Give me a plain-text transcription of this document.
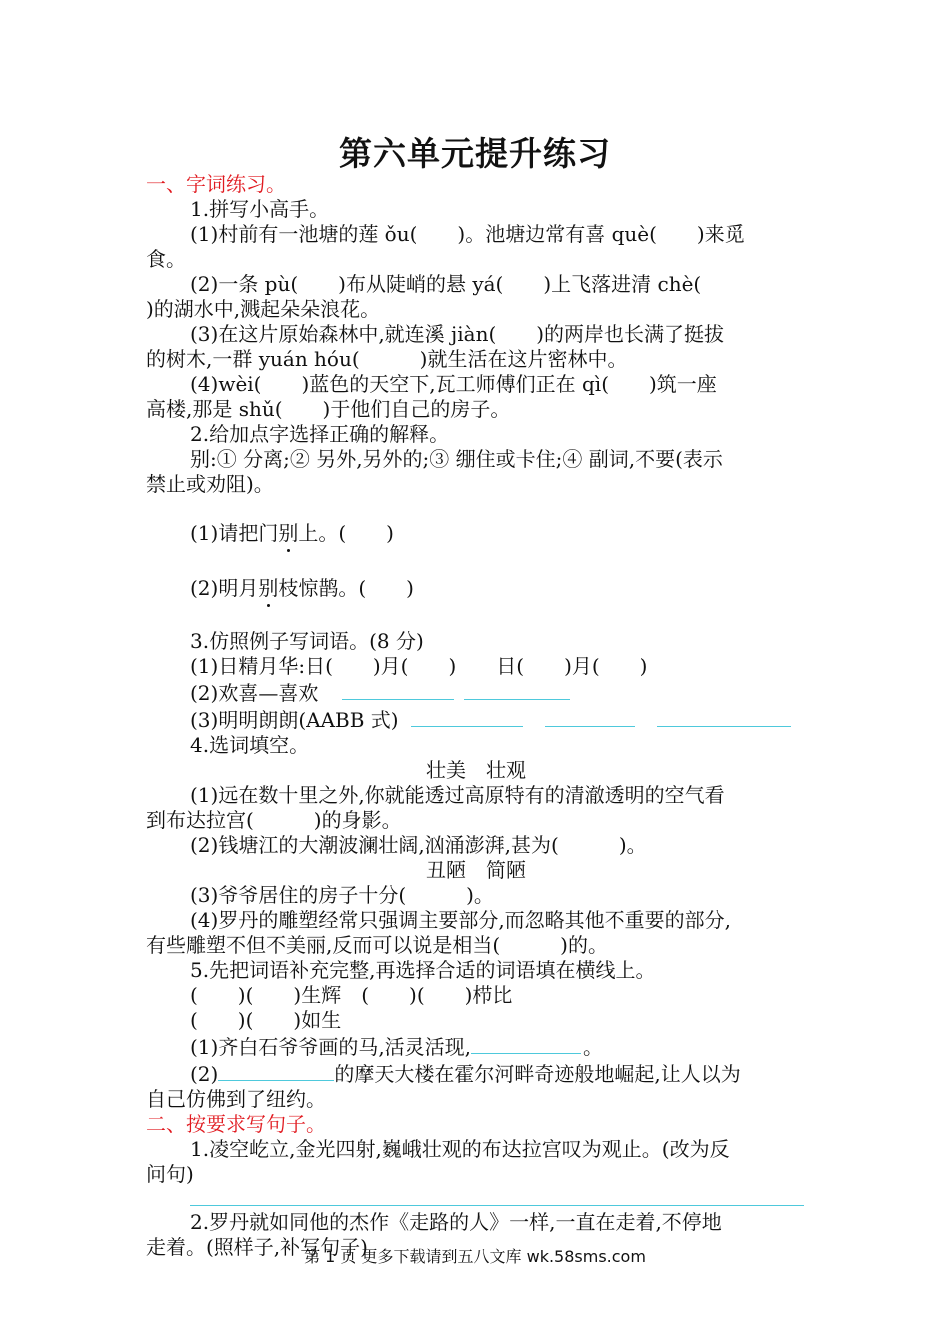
第六单元提升练习

一、字词练习。

1.拼写小高手。

(1)村前有一池塘的莲 ǒu(　　)。池塘边常有喜 què(　　)来觅

食。

(2)一条 pù(　　)布从陡峭的悬 yá(　　)上飞落进清 chè(

)的湖水中,溅起朵朵浪花。

(3)在这片原始森林中,就连溪 jiàn(　　)的两岸也长满了挺拔

的树木,一群 yuán hóu(　　　)就生活在这片密林中。

(4)wèi(　　)蓝色的天空下,瓦工师傅们正在 qì(　　)筑一座

高楼,那是 shǔ(　　)于他们自己的房子。

2.给加点字选择正确的解释。

别:① 分离;② 另外,另外的;③ 绷住或卡住;④ 副词,不要(表示

禁止或劝阻)。

(1)请把门别上。(　　)

(2)明月别枝惊鹊。(　　)

3.仿照例子写词语。(8 分)

(1)日精月华:日(　　)月(　　)　　日(　　)月(　　)

(2)欢喜—喜欢

(3)明明朗朗(AABB 式)

4.选词填空。

壮美　壮观

(1)远在数十里之外,你就能透过高原特有的清澈透明的空气看

到布达拉宫(　　　)的身影。

(2)钱塘江的大潮波澜壮阔,汹涌澎湃,甚为(　　　)。

丑陋　简陋

(3)爷爷居住的房子十分(　　　)。

(4)罗丹的雕塑经常只强调主要部分,而忽略其他不重要的部分,

有些雕塑不但不美丽,反而可以说是相当(　　　)的。

5.先把词语补充完整,再选择合适的词语填在横线上。

(　　)(　　)生辉　(　　)(　　)栉比

(　　)(　　)如生

(1)齐白石爷爷画的马,活灵活现,	。

(2)	的摩天大楼在霍尔河畔奇迹般地崛起,让人以为

自己仿佛到了纽约。

二、按要求写句子。

1.凌空屹立,金光四射,巍峨壮观的布达拉宫叹为观止。(改为反

问句)

2.罗丹就如同他的杰作《走路的人》一样,一直在走着,不停地

走着。(照样子,补写句子)

第 1 页 更多下载请到五八文库 wk.58sms.com
